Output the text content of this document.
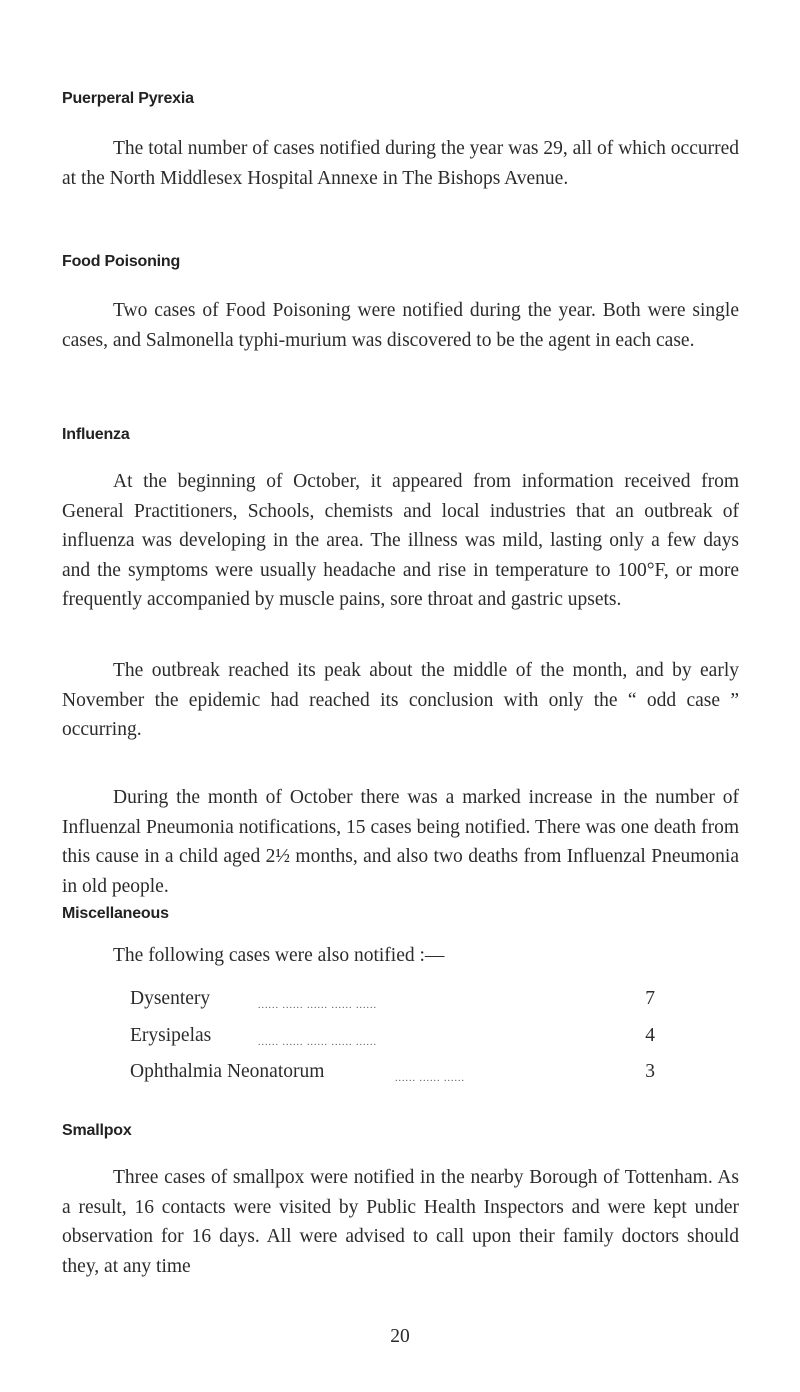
Puerperal Pyrexia

The total number of cases notified during the year was 29, all of which occurred at the North Middlesex Hospital Annexe in The Bishops Avenue.

Food Poisoning

Two cases of Food Poisoning were notified during the year. Both were single cases, and Salmonella typhi-murium was discovered to be the agent in each case.

Influenza

At the beginning of October, it appeared from information received from General Practitioners, Schools, chemists and local industries that an outbreak of influenza was developing in the area. The illness was mild, lasting only a few days and the symptoms were usually headache and rise in temperature to 100°F, or more frequently accompanied by muscle pains, sore throat and gastric upsets.

The outbreak reached its peak about the middle of the month, and by early November the epidemic had reached its conclusion with only the “ odd case ” occurring.

During the month of October there was a marked increase in the number of Influenzal Pneumonia notifications, 15 cases being notified. There was one death from this cause in a child aged 2½ months, and also two deaths from Influenzal Pneumonia in old people.

Miscellaneous

The following cases were also notified :—

Dysentery	...... ...... ...... ...... ......	7
Erysipelas	...... ...... ...... ...... ......	4
Ophthalmia Neonatorum	...... ...... ......	3
Smallpox

Three cases of smallpox were notified in the nearby Borough of Tottenham. As a result, 16 contacts were visited by Public Health Inspectors and were kept under observation for 16 days. All were advised to call upon their family doctors should they, at any time

20
